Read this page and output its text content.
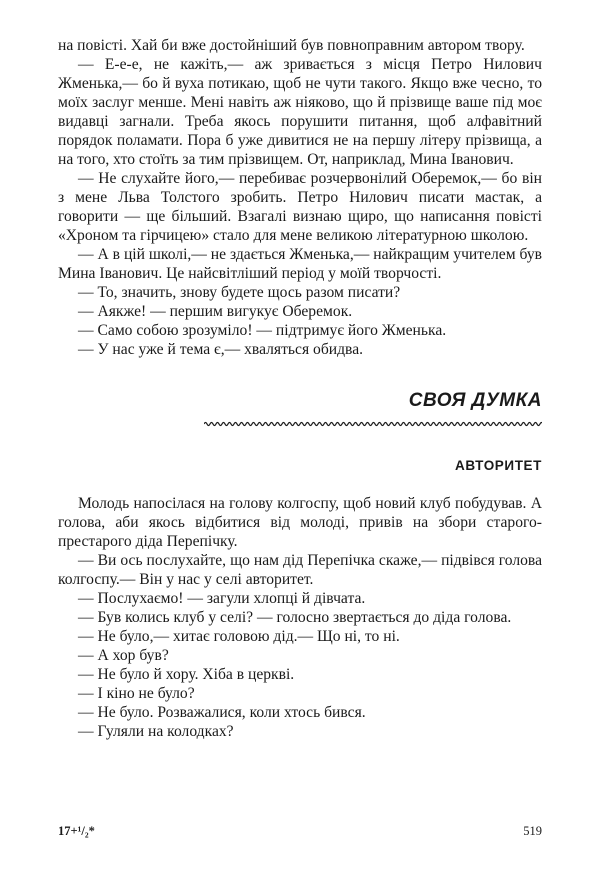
на повісті. Хай би вже достойніший був повноправним автором твору.

— Е-е-е, не кажіть,— аж зривається з місця Петро Нилович Жменька,— бо й вуха потикаю, щоб не чути такого. Якщо вже чесно, то моїх заслуг менше. Мені навіть аж ніяково, що й прізвище ваше під моє видавці загнали. Треба якось порушити питання, щоб алфавітний порядок поламати. Пора б уже дивитися не на першу літеру прізвища, а на того, хто стоїть за тим прізвищем. От, наприклад, Мина Іванович.

— Не слухайте його,— перебиває розчервонілий Оберемок,— бо він з мене Льва Толстого зробить. Петро Нилович писати мастак, а говорити — ще більший. Взагалі визнаю щиро, що написання повісті «Хроном та гірчицею» стало для мене великою літературною школою.

— А в цій школі,— не здається Жменька,— найкращим учителем був Мина Іванович. Це найсвітліший період у моїй творчості.

— То, значить, знову будете щось разом писати?

— Аякже! — першим вигукує Оберемок.

— Само собою зрозуміло! — підтримує його Жменька.

— У нас уже й тема є,— хваляться обидва.

СВОЯ ДУМКА
АВТОРИТЕТ

Молодь напосілася на голову колгоспу, щоб новий клуб побудував. А голова, аби якось відбитися від молоді, привів на збори старого-престарого діда Перепічку.

— Ви ось послухайте, що нам дід Перепічка скаже,— підвівся голова колгоспу.— Він у нас у селі авторитет.

— Послухаємо! — загули хлопці й дівчата.

— Був колись клуб у селі? — голосно звертається до діда голова.

— Не було,— хитає головою дід.— Що ні, то ні.

— А хор був?

— Не було й хору. Хіба в церкві.

— І кіно не було?

— Не було. Розважалися, коли хтось бився.

— Гуляли на колодках?

17+¹/₂*	519
